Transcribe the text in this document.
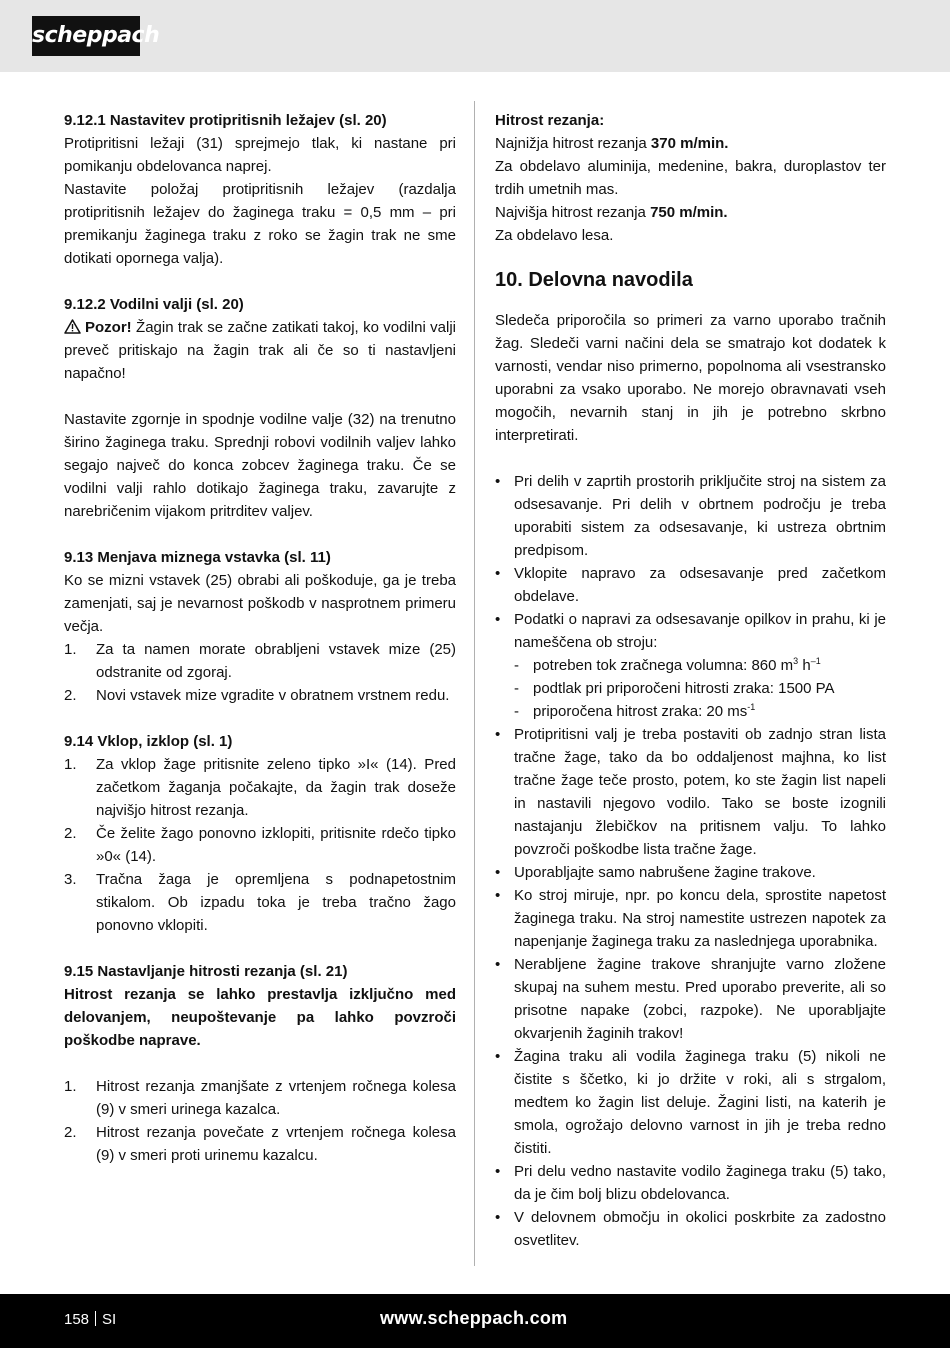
scheppach

9.12.1 Nastavitev protipritisnih ležajev (sl. 20)

Protipritisni ležaji (31) sprejmejo tlak, ki nastane pri pomikanju obdelovanca naprej.

Nastavite položaj protipritisnih ležajev (razdalja protipritisnih ležajev do žaginega traku = 0,5 mm – pri premikanju žaginega traku z roko se žagin trak ne sme dotikati opornega valja).

9.12.2 Vodilni valji (sl. 20)

Pozor! Žagin trak se začne zatikati takoj, ko vodilni valji preveč pritiskajo na žagin trak ali če so ti nastavljeni napačno!

Nastavite zgornje in spodnje vodilne valje (32) na trenutno širino žaginega traku. Sprednji robovi vodilnih valjev lahko segajo največ do konca zobcev žaginega traku. Če se vodilni valji rahlo dotikajo žaginega traku, zavarujte z narebričenim vijakom pritrditev valjev.

9.13 Menjava miznega vstavka (sl. 11)

Ko se mizni vstavek (25) obrabi ali poškoduje, ga je treba zamenjati, saj je nevarnost poškodb v nasprotnem primeru večja.

1.	Za ta namen morate obrabljeni vstavek mize (25) odstranite od zgoraj.
2.	Novi vstavek mize vgradite v obratnem vrstnem redu.

9.14 Vklop, izklop (sl. 1)

1.	Za vklop žage pritisnite zeleno tipko »I« (14). Pred začetkom žaganja počakajte, da žagin trak doseže najvišjo hitrost rezanja.
2.	Če želite žago ponovno izklopiti, pritisnite rdečo tipko »0« (14).
3.	Tračna žaga je opremljena s podnapetostnim stikalom. Ob izpadu toka je treba tračno žago ponovno vklopiti.

9.15 Nastavljanje hitrosti rezanja (sl. 21)

Hitrost rezanja se lahko prestavlja izključno med delovanjem, neupoštevanje pa lahko povzroči poškodbe naprave.

1.	Hitrost rezanja zmanjšate z vrtenjem ročnega kolesa (9) v smeri urinega kazalca.
2.	Hitrost rezanja povečate z vrtenjem ročnega kolesa (9) v smeri proti urinemu kazalcu.

Hitrost rezanja:

Najnižja hitrost rezanja 370 m/min.

Za obdelavo aluminija, medenine, bakra, duroplastov ter trdih umetnih mas.

Najvišja hitrost rezanja 750 m/min.

Za obdelavo lesa.

10. Delovna navodila

Sledeča priporočila so primeri za varno uporabo tračnih žag. Sledeči varni načini dela se smatrajo kot dodatek k varnosti, vendar niso primerno, popolnoma ali vsestransko uporabni za vsako uporabo. Ne morejo obravnavati vseh mogočih, nevarnih stanj in jih je potrebno skrbno interpretirati.

• Pri delih v zaprtih prostorih priključite stroj na sistem za odsesavanje. Pri delih v obrtnem področju je treba uporabiti sistem za odsesavanje, ki ustreza obrtnim predpisom.
• Vklopite napravo za odsesavanje pred začetkom obdelave.
• Podatki o napravi za odsesavanje opilkov in prahu, ki je nameščena ob stroju:
- potreben tok zračnega volumna: 860 $m^3$ $h^{-1}$
- podtlak pri priporočeni hitrosti zraka: 1500 PA
- priporočena hitrost zraka: 20 $ms^{-1}$
• Protipritisni valj je treba postaviti ob zadnjo stran listа tračne žage, tako da bo oddaljenost majhna, ko list tračne žage teče prosto, potem, ko ste žagin list napeli in nastavili njegovo vodilo. Tako se boste izognili nastajanju žlebičkov na pritisnem valju. To lahko povzroči poškodbe lista tračne žage.
• Uporabljajte samo nabrušene žagine trakove.
• Ko stroj miruje, npr. po koncu dela, sprostite napetost žaginega traku. Na stroj namestite ustrezen napotek za napenjanje žaginega traku za naslednjega uporabnika.
• Nerabljene žagine trakove shranjujte varno zložene skupaj na suhem mestu. Pred uporabo preverite, ali so prisotne napake (zobci, razpoke). Ne uporabljajte okvarjenih žaginih trakov!
• Žagina traku ali vodila žaginega traku (5) nikoli ne čistite s ščetko, ki jo držite v roki, ali s strgalom, medtem ko žagin list deluje. Žagini listi, na katerih je smola, ogrožajo delovno varnost in jih je treba redno čistiti.
• Pri delu vedno nastavite vodilo žaginega traku (5) tako, da je čim bolj blizu obdelovanca.
• V delovnem območju in okolici poskrbite za zadostno osvetlitev.
158 SI	www.scheppach.com
